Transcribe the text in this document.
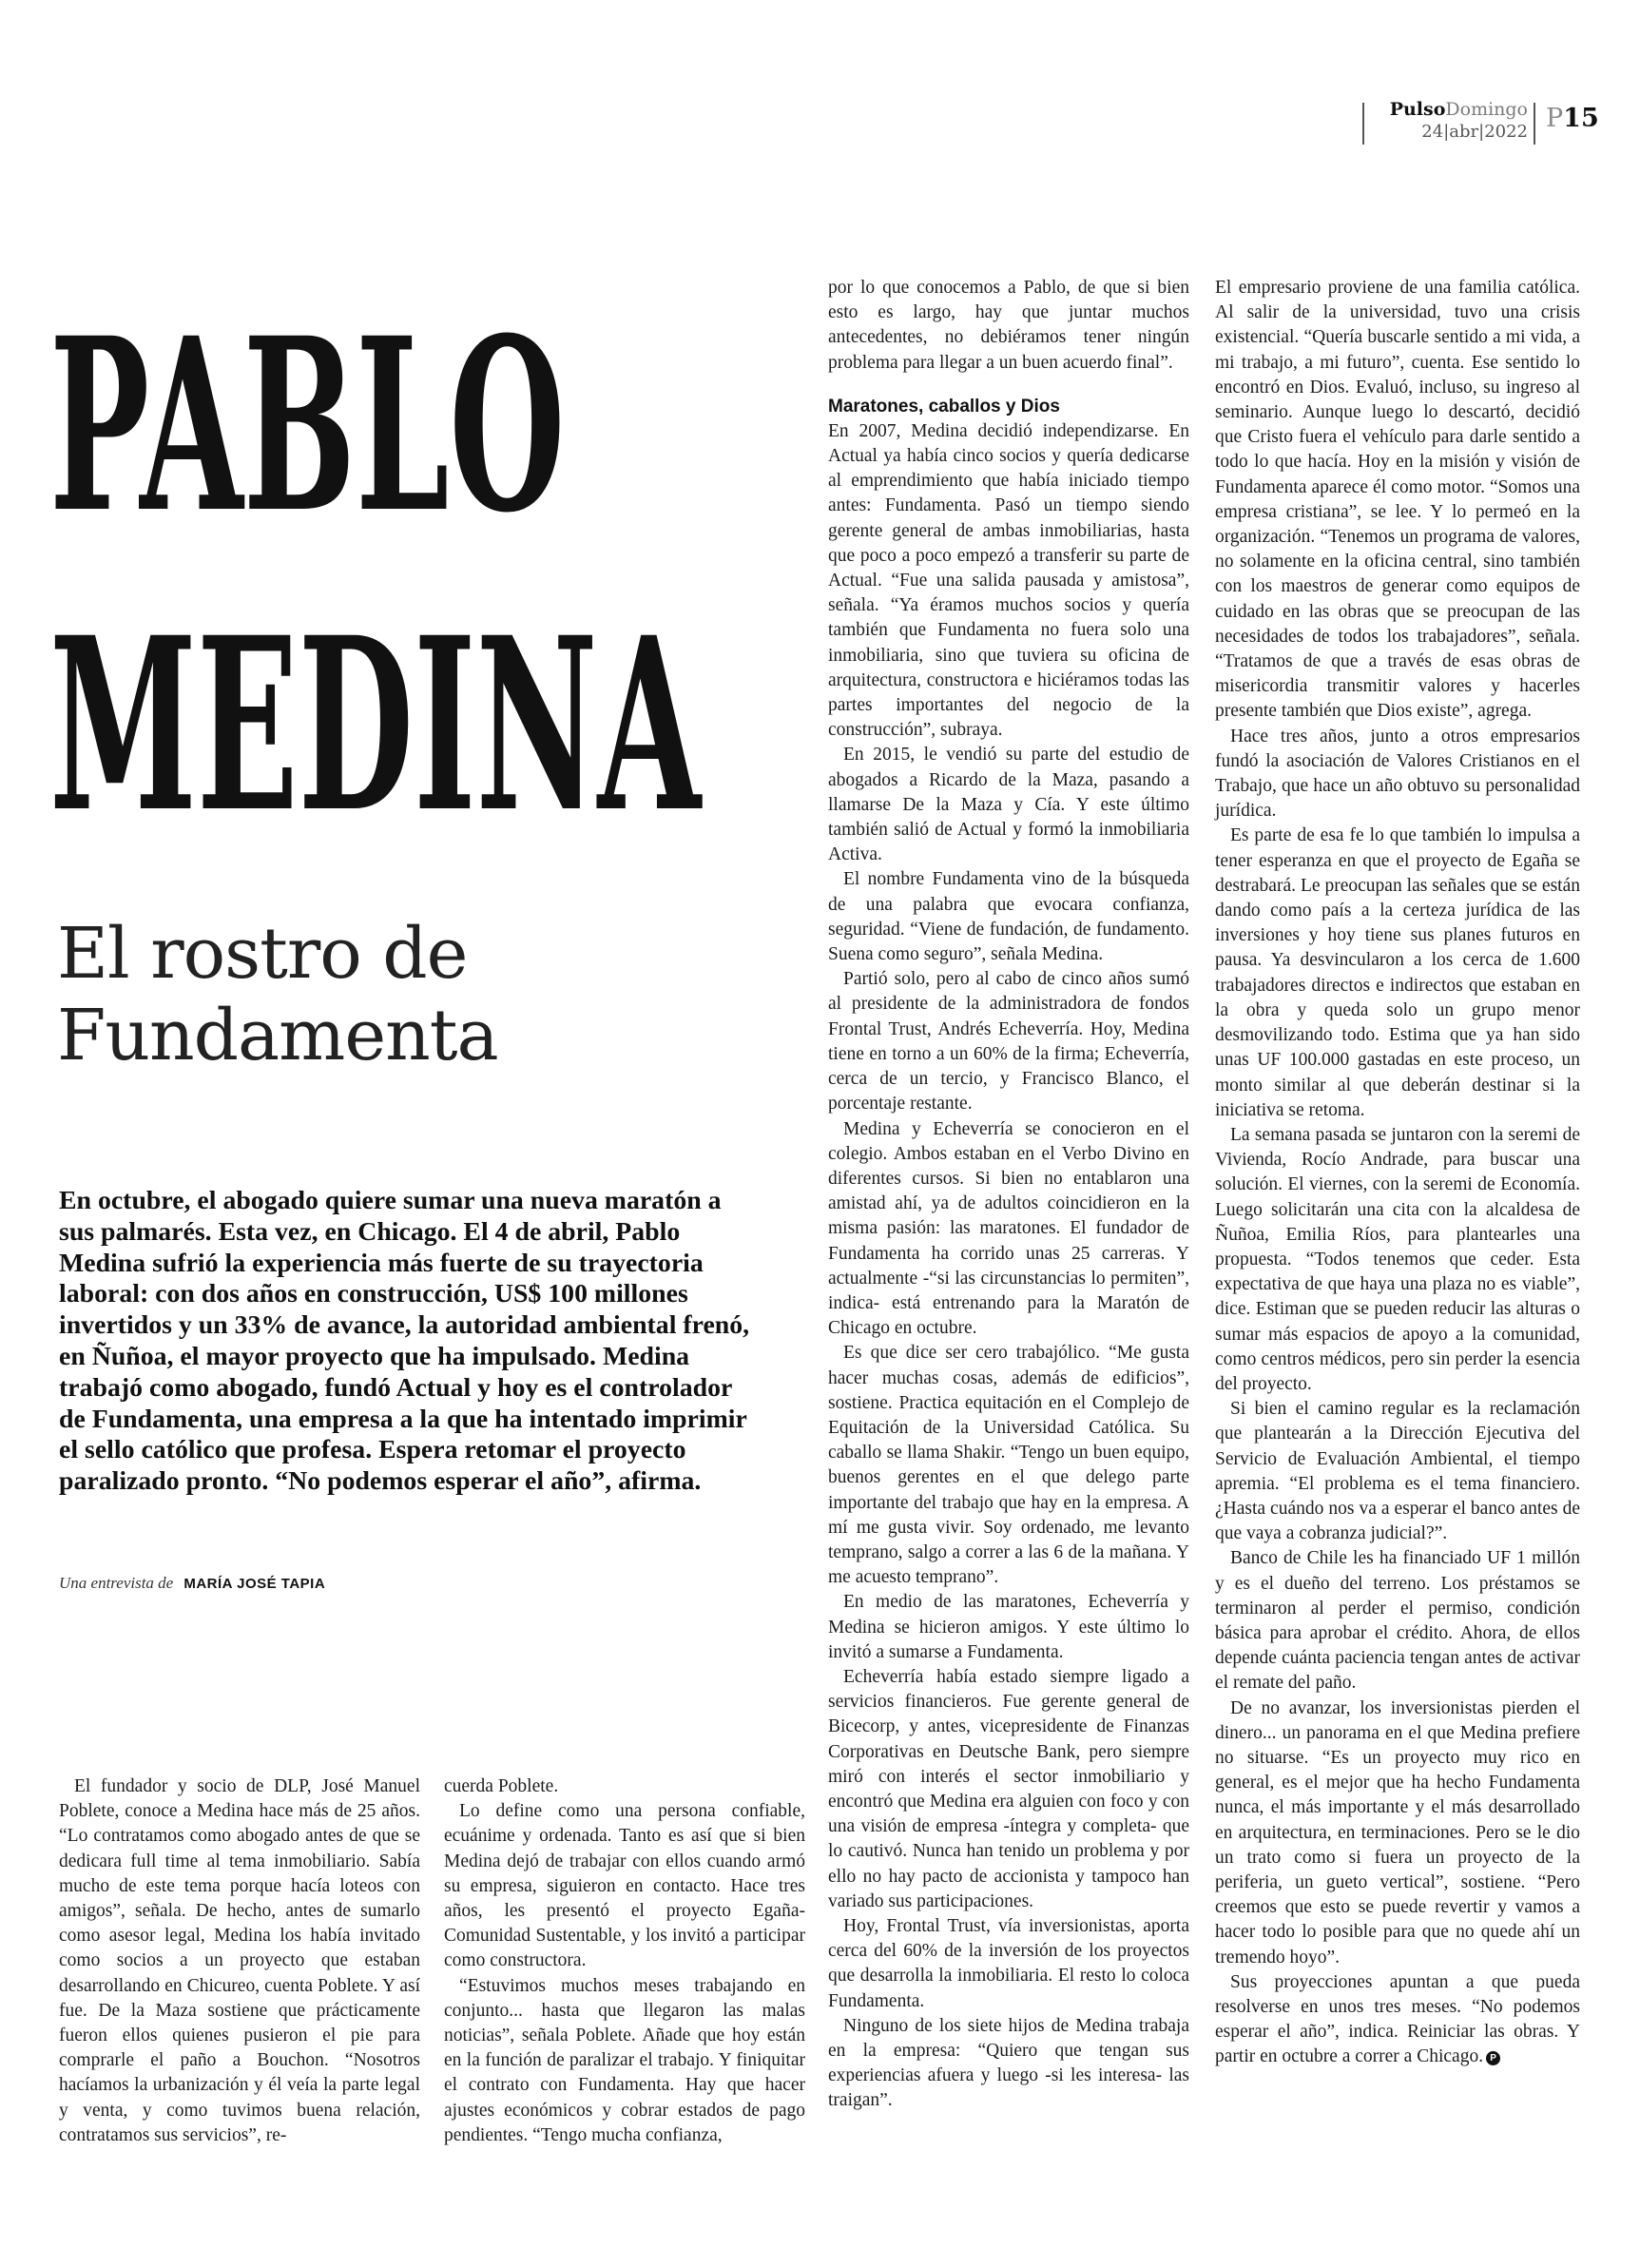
PulsoDomingo
24|abr|2022 P15
PABLO
MEDINA
El rostro de
Fundamenta
En octubre, el abogado quiere sumar una nueva maratón a sus palmarés. Esta vez, en Chicago. El 4 de abril, Pablo Medina sufrió la experiencia más fuerte de su trayectoria laboral: con dos años en construcción, US$ 100 millones invertidos y un 33% de avance, la autoridad ambiental frenó, en Ñuñoa, el mayor proyecto que ha impulsado. Medina trabajó como abogado, fundó Actual y hoy es el controlador de Fundamenta, una empresa a la que ha intentado imprimir el sello católico que profesa. Espera retomar el proyecto paralizado pronto. “No podemos esperar el año”, afirma.
Una entrevista de MARÍA JOSÉ TAPIA

El fundador y socio de DLP, José Manuel Poblete, conoce a Medina hace más de 25 años. “Lo contratamos como abogado antes de que se dedicara full time al tema inmobiliario. Sabía mucho de este tema porque hacía loteos con amigos”, señala. De hecho, antes de sumarlo como asesor legal, Medina los había invitado como socios a un proyecto que estaban desarrollando en Chicureo, cuenta Poblete. Y así fue. De la Maza sostiene que prácticamente fueron ellos quienes pusieron el pie para comprarle el paño a Bouchon. “Nosotros hacíamos la urbanización y él veía la parte legal y venta, y como tuvimos buena relación, contratamos sus servicios”, re-

cuerda Poblete.

Lo define como una persona confiable, ecuánime y ordenada. Tanto es así que si bien Medina dejó de trabajar con ellos cuando armó su empresa, siguieron en contacto. Hace tres años, les presentó el proyecto Egaña-Comunidad Sustentable, y los invitó a participar como constructora.

“Estuvimos muchos meses trabajando en conjunto... hasta que llegaron las malas noticias”, señala Poblete. Añade que hoy están en la función de paralizar el trabajo. Y finiquitar el contrato con Fundamenta. Hay que hacer ajustes económicos y cobrar estados de pago pendientes. “Tengo mucha confianza,

por lo que conocemos a Pablo, de que si bien esto es largo, hay que juntar muchos antecedentes, no debiéramos tener ningún problema para llegar a un buen acuerdo final”.

Maratones, caballos y Dios

En 2007, Medina decidió independizarse. En Actual ya había cinco socios y quería dedicarse al emprendimiento que había iniciado tiempo antes: Fundamenta. Pasó un tiempo siendo gerente general de ambas inmobiliarias, hasta que poco a poco empezó a transferir su parte de Actual. “Fue una salida pausada y amistosa”, señala. “Ya éramos muchos socios y quería también que Fundamenta no fuera solo una inmobiliaria, sino que tuviera su oficina de arquitectura, constructora e hiciéramos todas las partes importantes del negocio de la construcción”, subraya.

En 2015, le vendió su parte del estudio de abogados a Ricardo de la Maza, pasando a llamarse De la Maza y Cía. Y este último también salió de Actual y formó la inmobiliaria Activa.

El nombre Fundamenta vino de la búsqueda de una palabra que evocara confianza, seguridad. “Viene de fundación, de fundamento. Suena como seguro”, señala Medina.

Partió solo, pero al cabo de cinco años sumó al presidente de la administradora de fondos Frontal Trust, Andrés Echeverría. Hoy, Medina tiene en torno a un 60% de la firma; Echeverría, cerca de un tercio, y Francisco Blanco, el porcentaje restante.

Medina y Echeverría se conocieron en el colegio. Ambos estaban en el Verbo Divino en diferentes cursos. Si bien no entablaron una amistad ahí, ya de adultos coincidieron en la misma pasión: las maratones. El fundador de Fundamenta ha corrido unas 25 carreras. Y actualmente -“si las circunstancias lo permiten”, indica- está entrenando para la Maratón de Chicago en octubre.

Es que dice ser cero trabajólico. “Me gusta hacer muchas cosas, además de edificios”, sostiene. Practica equitación en el Complejo de Equitación de la Universidad Católica. Su caballo se llama Shakir. “Tengo un buen equipo, buenos gerentes en el que delego parte importante del trabajo que hay en la empresa. A mí me gusta vivir. Soy ordenado, me levanto temprano, salgo a correr a las 6 de la mañana. Y me acuesto temprano”.

En medio de las maratones, Echeverría y Medina se hicieron amigos. Y este último lo invitó a sumarse a Fundamenta.

Echeverría había estado siempre ligado a servicios financieros. Fue gerente general de Bicecorp, y antes, vicepresidente de Finanzas Corporativas en Deutsche Bank, pero siempre miró con interés el sector inmobiliario y encontró que Medina era alguien con foco y con una visión de empresa -íntegra y completa- que lo cautivó. Nunca han tenido un problema y por ello no hay pacto de accionista y tampoco han variado sus participaciones.

Hoy, Frontal Trust, vía inversionistas, aporta cerca del 60% de la inversión de los proyectos que desarrolla la inmobiliaria. El resto lo coloca Fundamenta.

Ninguno de los siete hijos de Medina trabaja en la empresa: “Quiero que tengan sus experiencias afuera y luego -si les interesa- las traigan”.

El empresario proviene de una familia católica. Al salir de la universidad, tuvo una crisis existencial. “Quería buscarle sentido a mi vida, a mi trabajo, a mi futuro”, cuenta. Ese sentido lo encontró en Dios. Evaluó, incluso, su ingreso al seminario. Aunque luego lo descartó, decidió que Cristo fuera el vehículo para darle sentido a todo lo que hacía. Hoy en la misión y visión de Fundamenta aparece él como motor. “Somos una empresa cristiana”, se lee. Y lo permeó en la organización. “Tenemos un programa de valores, no solamente en la oficina central, sino también con los maestros de generar como equipos de cuidado en las obras que se preocupan de las necesidades de todos los trabajadores”, señala. “Tratamos de que a través de esas obras de misericordia transmitir valores y hacerles presente también que Dios existe”, agrega.

Hace tres años, junto a otros empresarios fundó la asociación de Valores Cristianos en el Trabajo, que hace un año obtuvo su personalidad jurídica.

Es parte de esa fe lo que también lo impulsa a tener esperanza en que el proyecto de Egaña se destrabará. Le preocupan las señales que se están dando como país a la certeza jurídica de las inversiones y hoy tiene sus planes futuros en pausa. Ya desvincularon a los cerca de 1.600 trabajadores directos e indirectos que estaban en la obra y queda solo un grupo menor desmovilizando todo. Estima que ya han sido unas UF 100.000 gastadas en este proceso, un monto similar al que deberán destinar si la iniciativa se retoma.

La semana pasada se juntaron con la seremi de Vivienda, Rocío Andrade, para buscar una solución. El viernes, con la seremi de Economía. Luego solicitarán una cita con la alcaldesa de Ñuñoa, Emilia Ríos, para plantearles una propuesta. “Todos tenemos que ceder. Esta expectativa de que haya una plaza no es viable”, dice. Estiman que se pueden reducir las alturas o sumar más espacios de apoyo a la comunidad, como centros médicos, pero sin perder la esencia del proyecto.

Si bien el camino regular es la reclamación que plantearán a la Dirección Ejecutiva del Servicio de Evaluación Ambiental, el tiempo apremia. “El problema es el tema financiero. ¿Hasta cuándo nos va a esperar el banco antes de que vaya a cobranza judicial?”.

Banco de Chile les ha financiado UF 1 millón y es el dueño del terreno. Los préstamos se terminaron al perder el permiso, condición básica para aprobar el crédito. Ahora, de ellos depende cuánta paciencia tengan antes de activar el remate del paño.

De no avanzar, los inversionistas pierden el dinero... un panorama en el que Medina prefiere no situarse. “Es un proyecto muy rico en general, es el mejor que ha hecho Fundamenta nunca, el más importante y el más desarrollado en arquitectura, en terminaciones. Pero se le dio un trato como si fuera un proyecto de la periferia, un gueto vertical”, sostiene. “Pero creemos que esto se puede revertir y vamos a hacer todo lo posible para que no quede ahí un tremendo hoyo”.

Sus proyecciones apuntan a que pueda resolverse en unos tres meses. “No podemos esperar el año”, indica. Reiniciar las obras. Y partir en octubre a correr a Chicago. P
